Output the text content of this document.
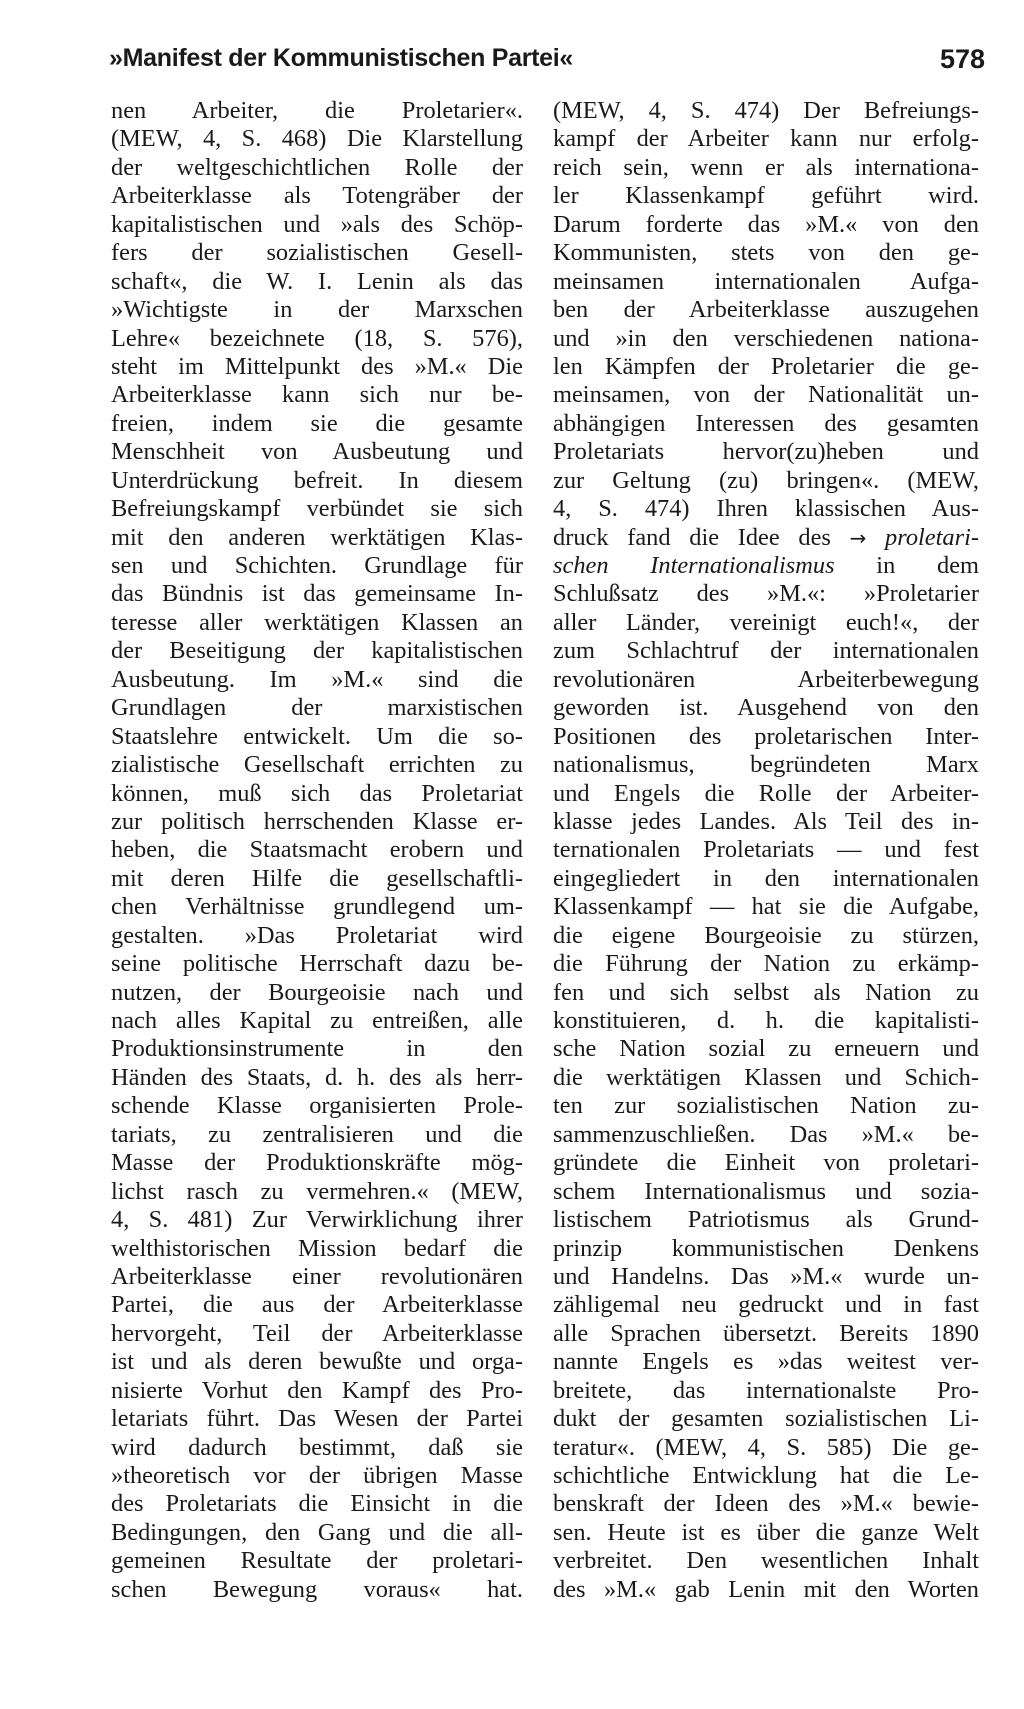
»Manifest der Kommunistischen Partei«	578
nen Arbeiter, die Proletarier«.
(MEW, 4, S. 468) Die Klarstellung
der weltgeschichtlichen Rolle der
Arbeiterklasse als Totengräber der
kapitalistischen und »als des Schöp-
fers der sozialistischen Gesell-
schaft«, die W. I. Lenin als das
»Wichtigste in der Marxschen
Lehre« bezeichnete (18, S. 576),
steht im Mittelpunkt des »M.« Die
Arbeiterklasse kann sich nur be-
freien, indem sie die gesamte
Menschheit von Ausbeutung und
Unterdrückung befreit. In diesem
Befreiungskampf verbündet sie sich
mit den anderen werktätigen Klas-
sen und Schichten. Grundlage für
das Bündnis ist das gemeinsame In-
teresse aller werktätigen Klassen an
der Beseitigung der kapitalistischen
Ausbeutung. Im »M.« sind die
Grundlagen der marxistischen
Staatslehre entwickelt. Um die so-
zialistische Gesellschaft errichten zu
können, muß sich das Proletariat
zur politisch herrschenden Klasse er-
heben, die Staatsmacht erobern und
mit deren Hilfe die gesellschaftli-
chen Verhältnisse grundlegend um-
gestalten. »Das Proletariat wird
seine politische Herrschaft dazu be-
nutzen, der Bourgeoisie nach und
nach alles Kapital zu entreißen, alle
Produktionsinstrumente in den
Händen des Staats, d. h. des als herr-
schende Klasse organisierten Prole-
tariats, zu zentralisieren und die
Masse der Produktionskräfte mög-
lichst rasch zu vermehren.« (MEW,
4, S. 481) Zur Verwirklichung ihrer
welthistorischen Mission bedarf die
Arbeiterklasse einer revolutionären
Partei, die aus der Arbeiterklasse
hervorgeht, Teil der Arbeiterklasse
ist und als deren bewußte und orga-
nisierte Vorhut den Kampf des Pro-
letariats führt. Das Wesen der Partei
wird dadurch bestimmt, daß sie
»theoretisch vor der übrigen Masse
des Proletariats die Einsicht in die
Bedingungen, den Gang und die all-
gemeinen Resultate der proletari-
schen Bewegung voraus« hat.
(MEW, 4, S. 474) Der Befreiungs-
kampf der Arbeiter kann nur erfolg-
reich sein, wenn er als internationa-
ler Klassenkampf geführt wird.
Darum forderte das »M.« von den
Kommunisten, stets von den ge-
meinsamen internationalen Aufga-
ben der Arbeiterklasse auszugehen
und »in den verschiedenen nationa-
len Kämpfen der Proletarier die ge-
meinsamen, von der Nationalität un-
abhängigen Interessen des gesamten
Proletariats hervor(zu)heben und
zur Geltung (zu) bringen«. (MEW,
4, S. 474) Ihren klassischen Aus-
druck fand die Idee des → proletari-
schen Internationalismus in dem
Schlußsatz des »M.«: »Proletarier
aller Länder, vereinigt euch!«, der
zum Schlachtruf der internationalen
revolutionären Arbeiterbewegung
geworden ist. Ausgehend von den
Positionen des proletarischen Inter-
nationalismus, begründeten Marx
und Engels die Rolle der Arbeiter-
klasse jedes Landes. Als Teil des in-
ternationalen Proletariats — und fest
eingegliedert in den internationalen
Klassenkampf — hat sie die Aufgabe,
die eigene Bourgeoisie zu stürzen,
die Führung der Nation zu erkämp-
fen und sich selbst als Nation zu
konstituieren, d. h. die kapitalisti-
sche Nation sozial zu erneuern und
die werktätigen Klassen und Schich-
ten zur sozialistischen Nation zu-
sammenzuschließen. Das »M.« be-
gründete die Einheit von proletari-
schem Internationalismus und sozia-
listischem Patriotismus als Grund-
prinzip kommunistischen Denkens
und Handelns. Das »M.« wurde un-
zähligemal neu gedruckt und in fast
alle Sprachen übersetzt. Bereits 1890
nannte Engels es »das weitest ver-
breitete, das internationalste Pro-
dukt der gesamten sozialistischen Li-
teratur«. (MEW, 4, S. 585) Die ge-
schichtliche Entwicklung hat die Le-
benskraft der Ideen des »M.« bewie-
sen. Heute ist es über die ganze Welt
verbreitet. Den wesentlichen Inhalt
des »M.« gab Lenin mit den Worten
